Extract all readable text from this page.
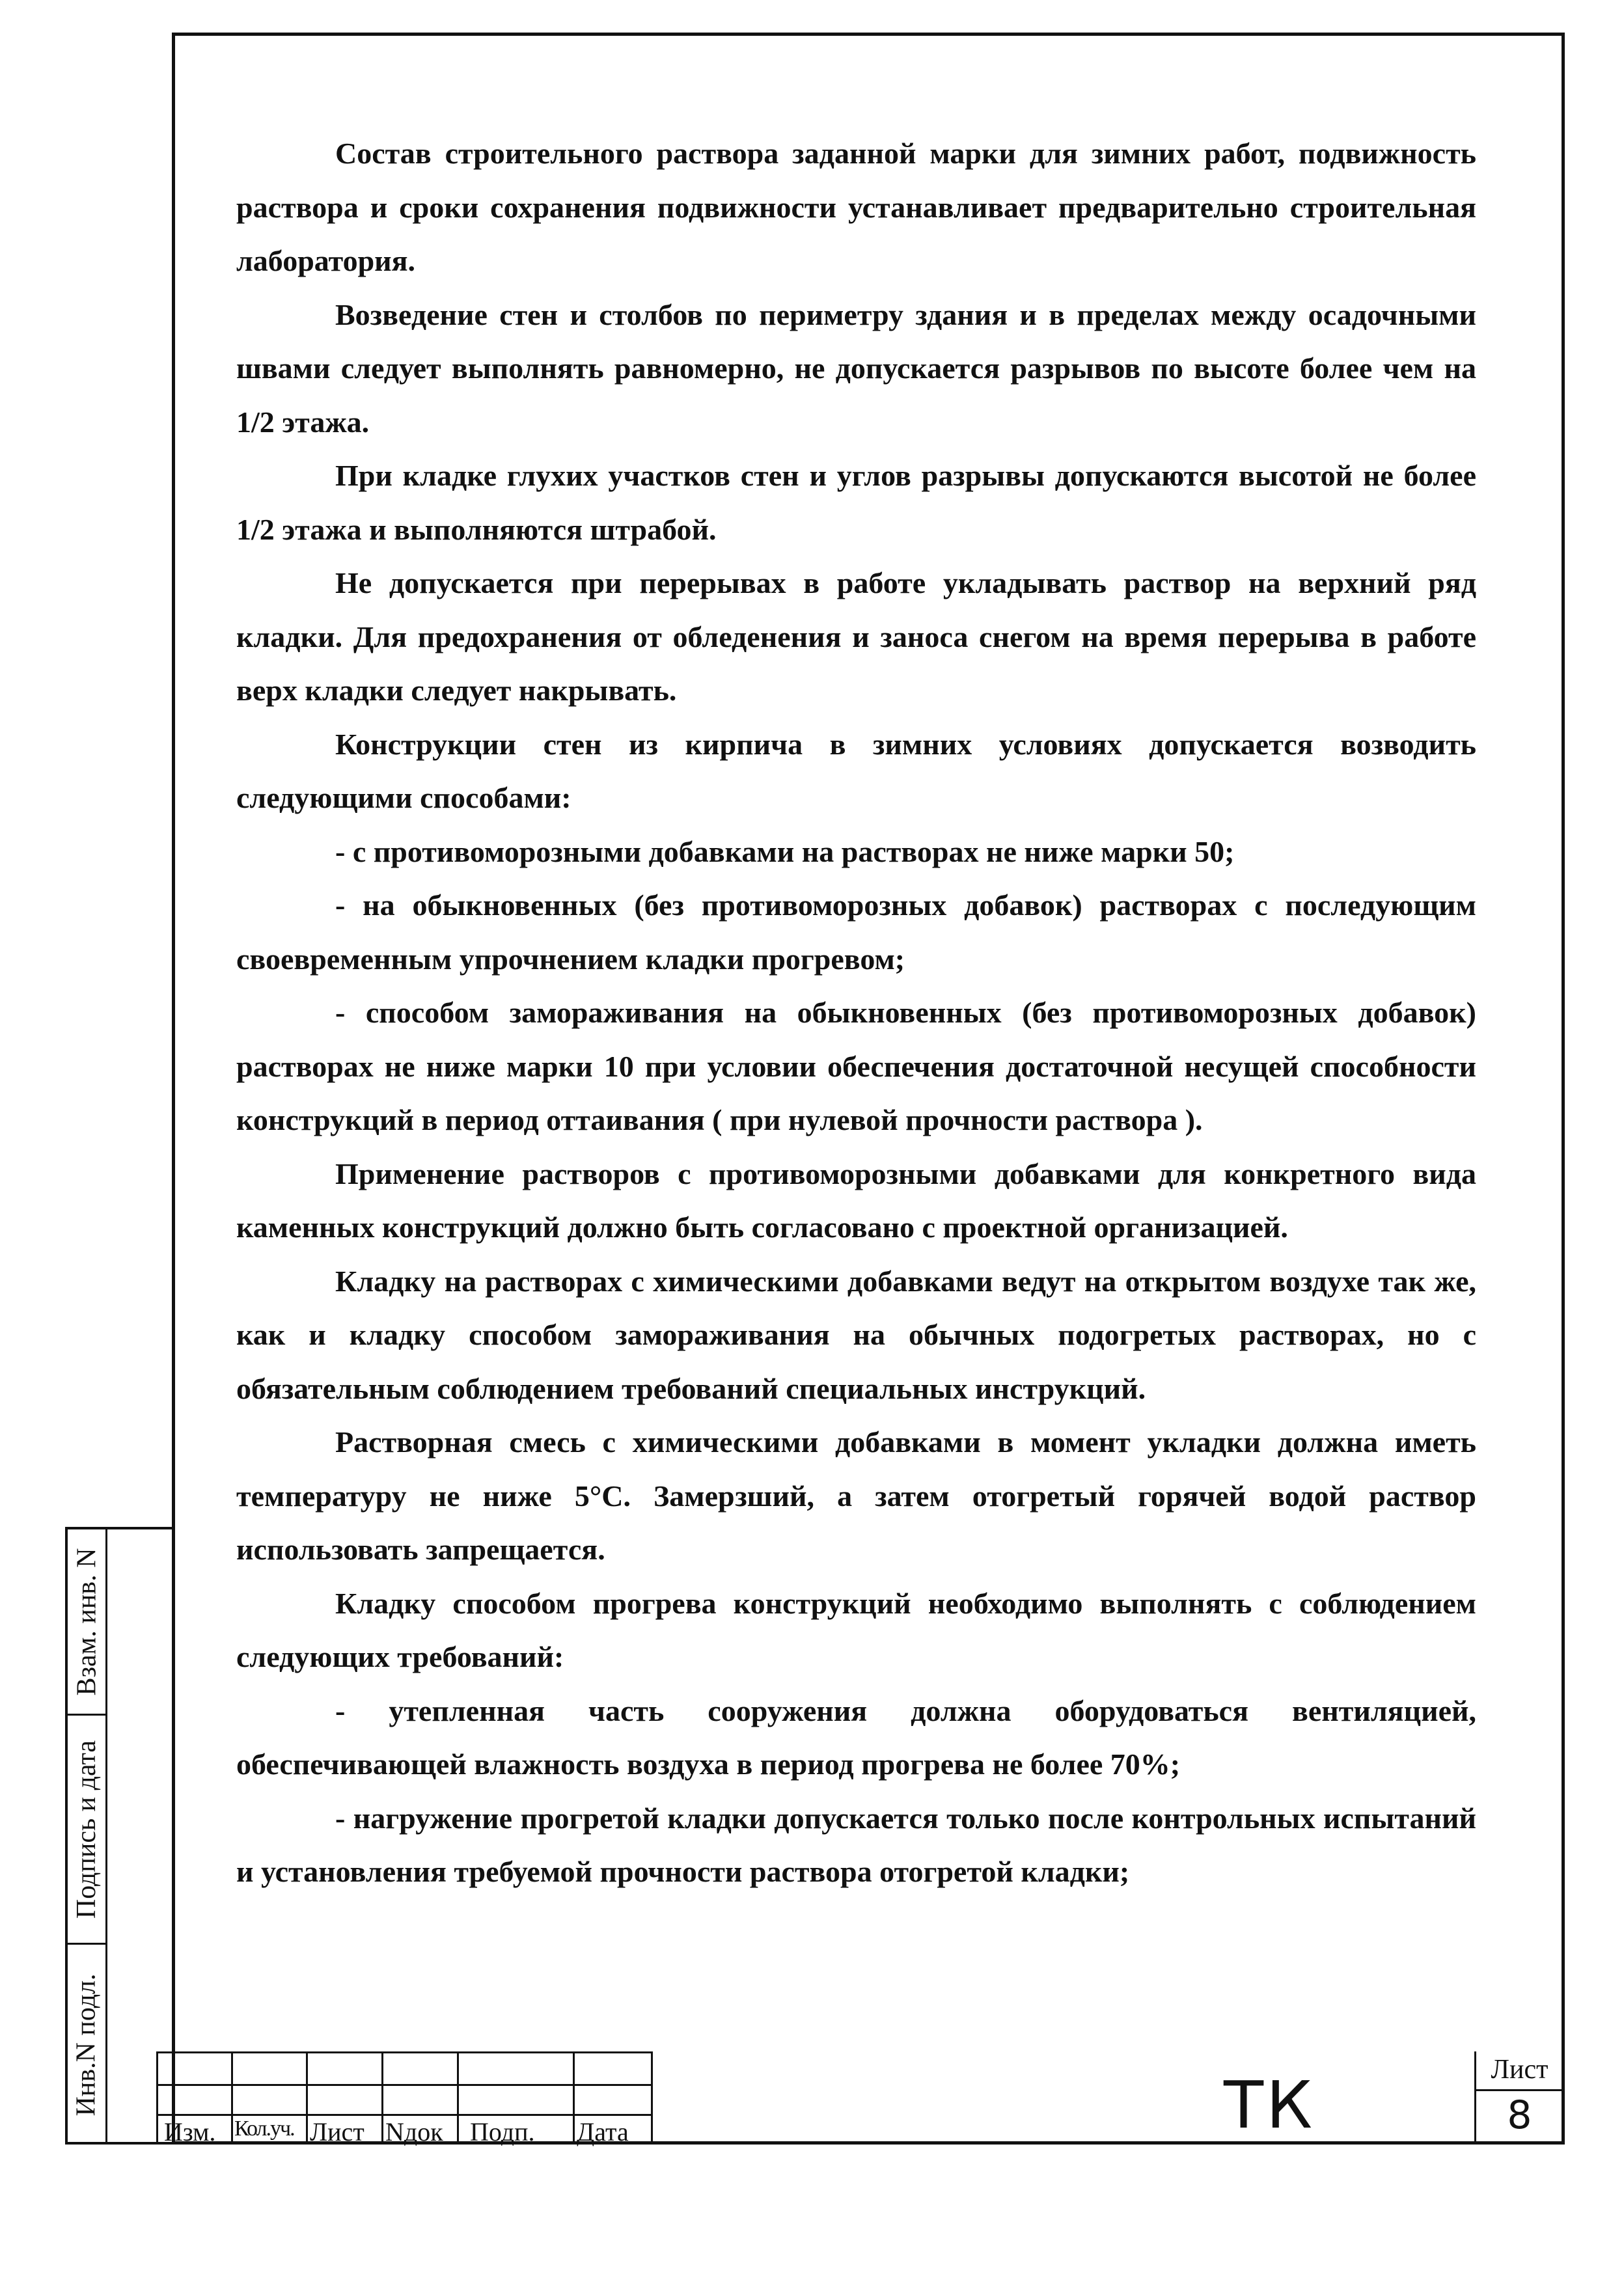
Состав строительного раствора заданной марки для зимних работ, подвижность раствора и сроки сохранения подвижности устанавливает предварительно строительная лаборатория.

Возведение стен и столбов по периметру здания и в пределах между осадочными швами следует выполнять равномерно, не допускается разрывов по высоте более чем на 1/2 этажа.

При кладке глухих участков стен и углов разрывы допускаются высотой не более 1/2 этажа и выполняются штрабой.

Не допускается при перерывах в работе укладывать раствор на верхний ряд кладки. Для предохранения от обледенения и заноса снегом на время перерыва в работе верх кладки следует накрывать.

Конструкции стен из кирпича в зимних условиях допускается возводить следующими способами:

- с противоморозными добавками на растворах не ниже марки 50;

- на обыкновенных (без противоморозных добавок) растворах с последующим своевременным упрочнением кладки прогревом;

- способом замораживания на обыкновенных (без противоморозных добавок) растворах не ниже марки 10 при условии обеспечения достаточной несущей способности конструкций в период оттаивания ( при нулевой прочности раствора ).

Применение растворов с противоморозными добавками для конкретного вида каменных конструкций должно быть согласовано с проектной организацией.

Кладку на растворах с химическими добавками ведут на открытом воздухе так же, как и кладку способом замораживания на обычных подогретых растворах, но с обязательным соблюдением требований специальных инструкций.

Растворная смесь с химическими добавками в момент укладки должна иметь температуру не ниже 5°С. Замерзший, а затем отогретый горячей водой раствор использовать запрещается.

Кладку способом прогрева конструкций необходимо выполнять с соблюдением следующих требований:

- утепленная часть сооружения должна оборудоваться вентиляцией, обеспечивающей влажность воздуха в период прогрева не более 70%;

- нагружение прогретой кладки допускается только после контрольных испытаний и установления требуемой прочности раствора отогретой кладки;

Взам. инв. N
Подпись и дата
Инв.N подл.
Изм. Кол.уч. Лист Nдок Подп. Дата	ТК	Лист
8
